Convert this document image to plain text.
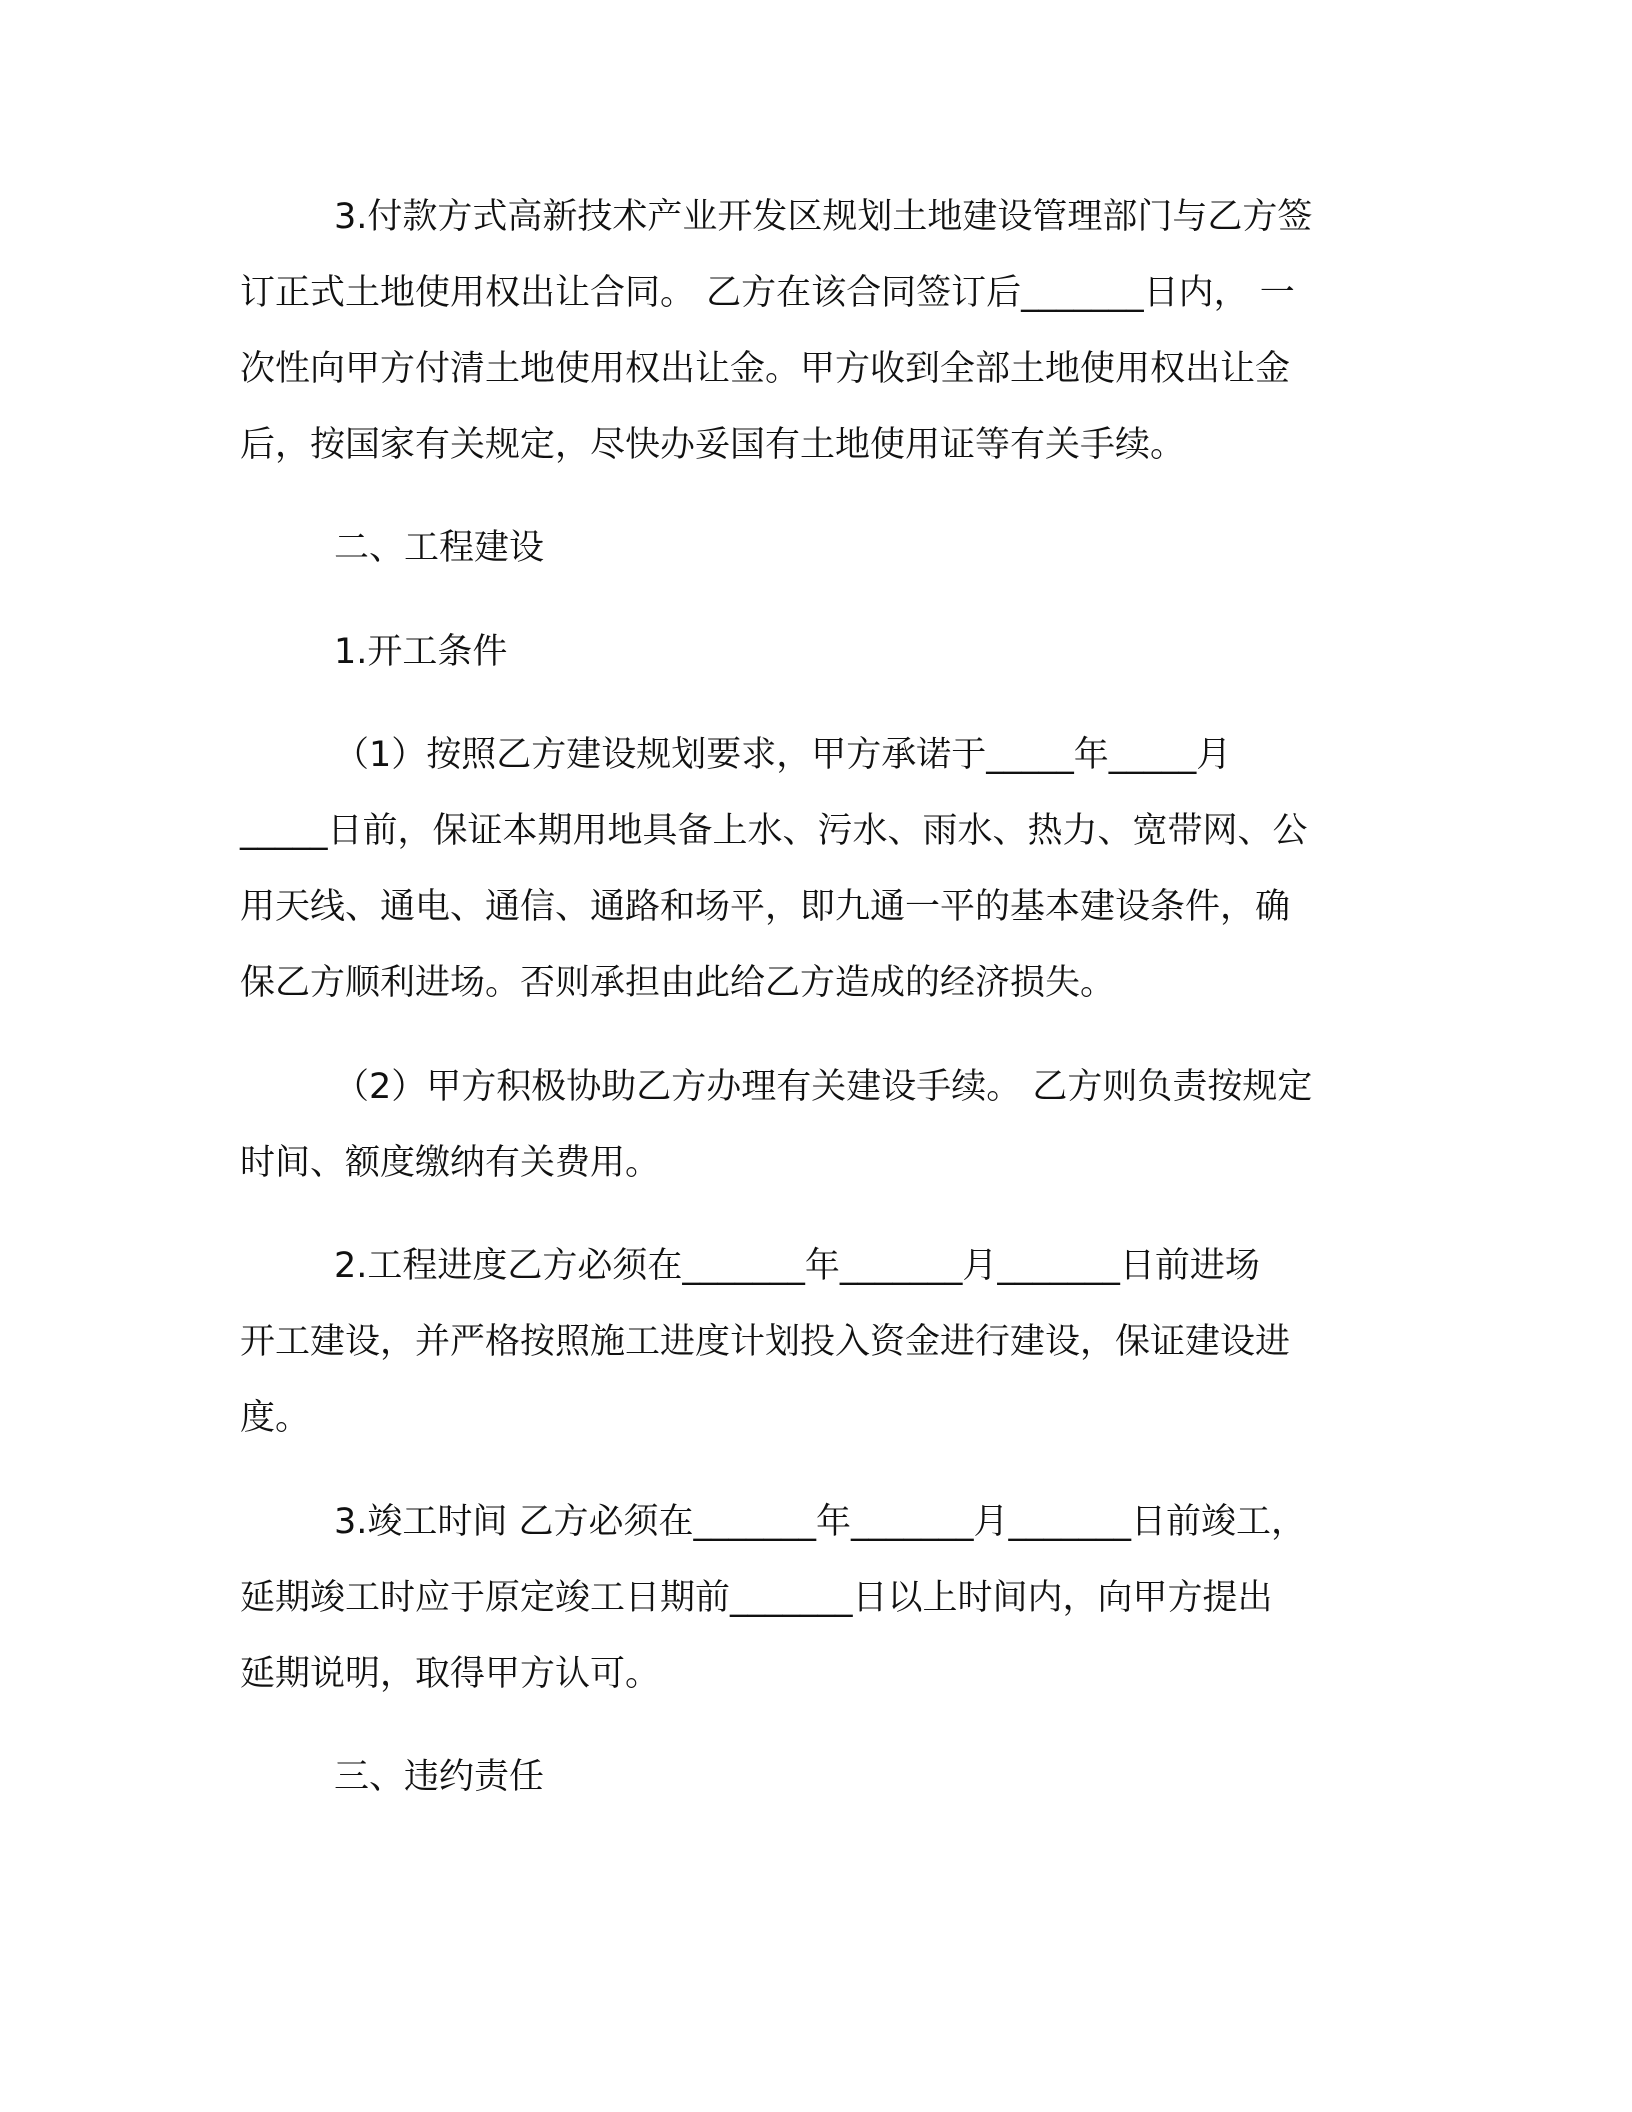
3.付款方式高新技术产业开发区规划土地建设管理部门与乙方签
订正式土地使用权出让合同。 乙方在该合同签订后_______日内， 一
次性向甲方付清土地使用权出让金。甲方收到全部土地使用权出让金
后，按国家有关规定，尽快办妥国有土地使用证等有关手续。
二、工程建设
1.开工条件
（1）按照乙方建设规划要求，甲方承诺于_____年_____月
_____日前，保证本期用地具备上水、污水、雨水、热力、宽带网、公
用天线、通电、通信、通路和场平，即九通一平的基本建设条件，确
保乙方顺利进场。否则承担由此给乙方造成的经济损失。
（2）甲方积极协助乙方办理有关建设手续。 乙方则负责按规定
时间、额度缴纳有关费用。
2.工程进度乙方必须在_______年_______月_______日前进场
开工建设，并严格按照施工进度计划投入资金进行建设，保证建设进
度。
3.竣工时间 乙方必须在_______年_______月_______日前竣工，
延期竣工时应于原定竣工日期前_______日以上时间内，向甲方提出
延期说明，取得甲方认可。
三、违约责任
